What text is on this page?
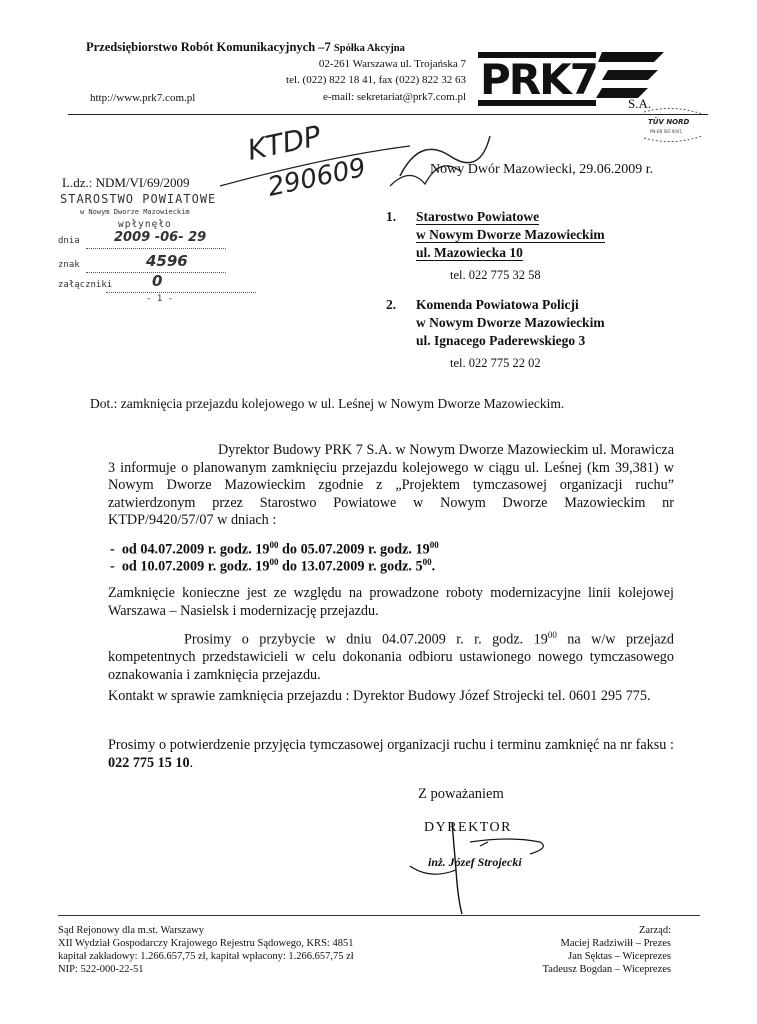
Przedsiębiorstwo Robót Komunikacyjnych –7 Spółka Akcyjna
02-261 Warszawa ul. Trojańska 7
tel. (022) 822 18 41, fax (022) 822 32 63
e-mail: sekretariat@prk7.com.pl
http://www.prk7.com.pl	PRK7 S.A.
TÜV NORD
PN-EN ISO 9001
KTDP
290609	Nowy Dwór Mazowiecki, 29.06.2009 r.
L.dz.: NDM/VI/69/2009
STAROSTWO POWIATOWE
w Nowym Dworze Mazowieckim
wpłynęło
dnia	2009 -06- 29
znak	4596
załączniki	0
- 1 -
1. Starostwo Powiatowe
w Nowym Dworze Mazowieckim
ul. Mazowiecka 10
tel. 022 775 32 58
2. Komenda Powiatowa Policji
w Nowym Dworze Mazowieckim
ul. Ignacego Paderewskiego 3
tel. 022 775 22 02
Dot.: zamknięcia przejazdu kolejowego w ul. Leśnej w Nowym Dworze Mazowieckim.
Dyrektor Budowy PRK 7 S.A. w Nowym Dworze Mazowieckim ul. Morawicza 3 informuje o planowanym zamknięciu przejazdu kolejowego w ciągu ul. Leśnej (km 39,381) w Nowym Dworze Mazowieckim zgodnie z „Projektem tymczasowej organizacji ruchu” zatwierdzonym przez Starostwo Powiatowe w Nowym Dworze Mazowieckim nr KTDP/9420/57/07 w dniach :
- od 04.07.2009 r. godz. $19^{00}$ do 05.07.2009 r. godz. $19^{00}$
- od 10.07.2009 r. godz. $19^{00}$ do 13.07.2009 r. godz. $5^{00}$.
Zamknięcie konieczne jest ze względu na prowadzone roboty modernizacyjne linii kolejowej Warszawa – Nasielsk i modernizację przejazdu.
Prosimy o przybycie w dniu 04.07.2009 r. r. godz. $19^{00}$ na w/w przejazd kompetentnych przedstawicieli w celu dokonania odbioru ustawionego nowego tymczasowego oznakowania i zamknięcia przejazdu.
Kontakt w sprawie zamknięcia przejazdu : Dyrektor Budowy Józef Strojecki tel. 0601 295 775.
Prosimy o potwierdzenie przyjęcia tymczasowej organizacji ruchu i terminu zamknięć na nr faksu : 022 775 15 10.
Z poważaniem
DYREKTOR
inż. Józef Strojecki
Sąd Rejonowy dla m.st. Warszawy
XII Wydział Gospodarczy Krajowego Rejestru Sądowego, KRS: 4851
kapitał zakładowy: 1.266.657,75 zł, kapitał wpłacony: 1.266.657,75 zł
NIP: 522-000-22-51
Zarząd:
Maciej Radziwiłł – Prezes
Jan Sęktas – Wiceprezes
Tadeusz Bogdan – Wiceprezes
